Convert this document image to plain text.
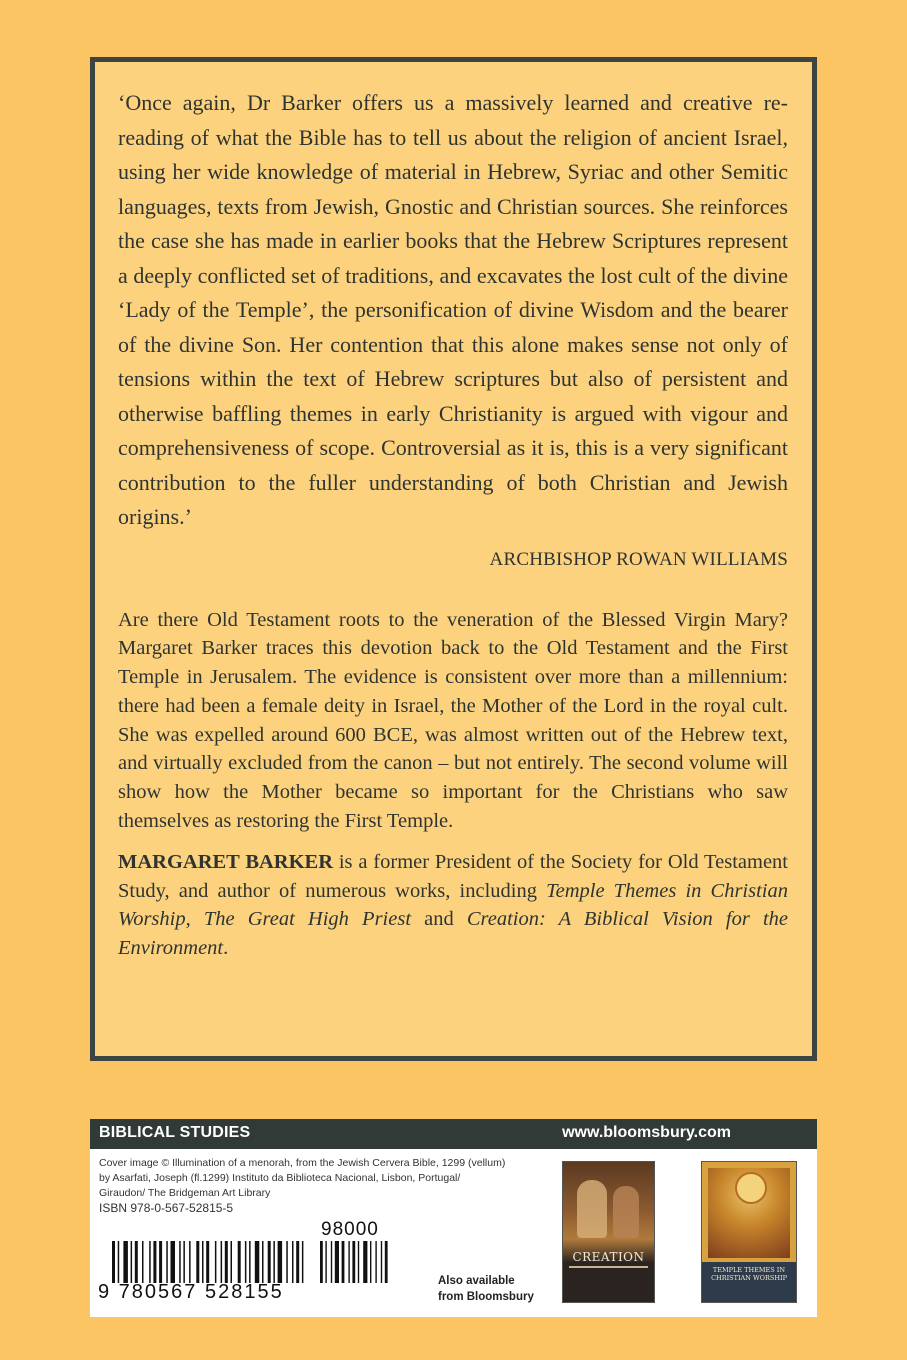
‘Once again, Dr Barker offers us a massively learned and creative re-reading of what the Bible has to tell us about the religion of ancient Israel, using her wide knowledge of material in Hebrew, Syriac and other Semitic languages, texts from Jewish, Gnostic and Christian sources. She reinforces the case she has made in earlier books that the Hebrew Scriptures represent a deeply conflicted set of traditions, and excavates the lost cult of the divine ‘Lady of the Temple’, the personification of divine Wisdom and the bearer of the divine Son. Her contention that this alone makes sense not only of tensions within the text of Hebrew scriptures but also of persistent and otherwise baffling themes in early Christianity is argued with vigour and comprehensiveness of scope. Controversial as it is, this is a very significant contribution to the fuller understanding of both Christian and Jewish origins.’

ARCHBISHOP ROWAN WILLIAMS

Are there Old Testament roots to the veneration of the Blessed Virgin Mary? Margaret Barker traces this devotion back to the Old Testament and the First Temple in Jerusalem. The evidence is consistent over more than a millennium: there had been a female deity in Israel, the Mother of the Lord in the royal cult. She was expelled around 600 BCE, was almost written out of the Hebrew text, and virtually excluded from the canon – but not entirely. The second volume will show how the Mother became so important for the Christians who saw themselves as restoring the First Temple.

MARGARET BARKER is a former President of the Society for Old Testament Study, and author of numerous works, including Temple Themes in Christian Worship, The Great High Priest and Creation: A Biblical Vision for the Environment.

BIBLICAL STUDIES	www.bloomsbury.com
Cover image © Illumination of a menorah, from the Jewish Cervera Bible, 1299 (vellum) by Asarfati, Joseph (fl.1299) Instituto da Biblioteca Nacional, Lisbon, Portugal/ Giraudon/ The Bridgeman Art Library
ISBN 978-0-567-52815-5
98000
9 780567 528155	Also available
from Bloomsbury
CREATION
TEMPLE THEMES IN CHRISTIAN WORSHIP
